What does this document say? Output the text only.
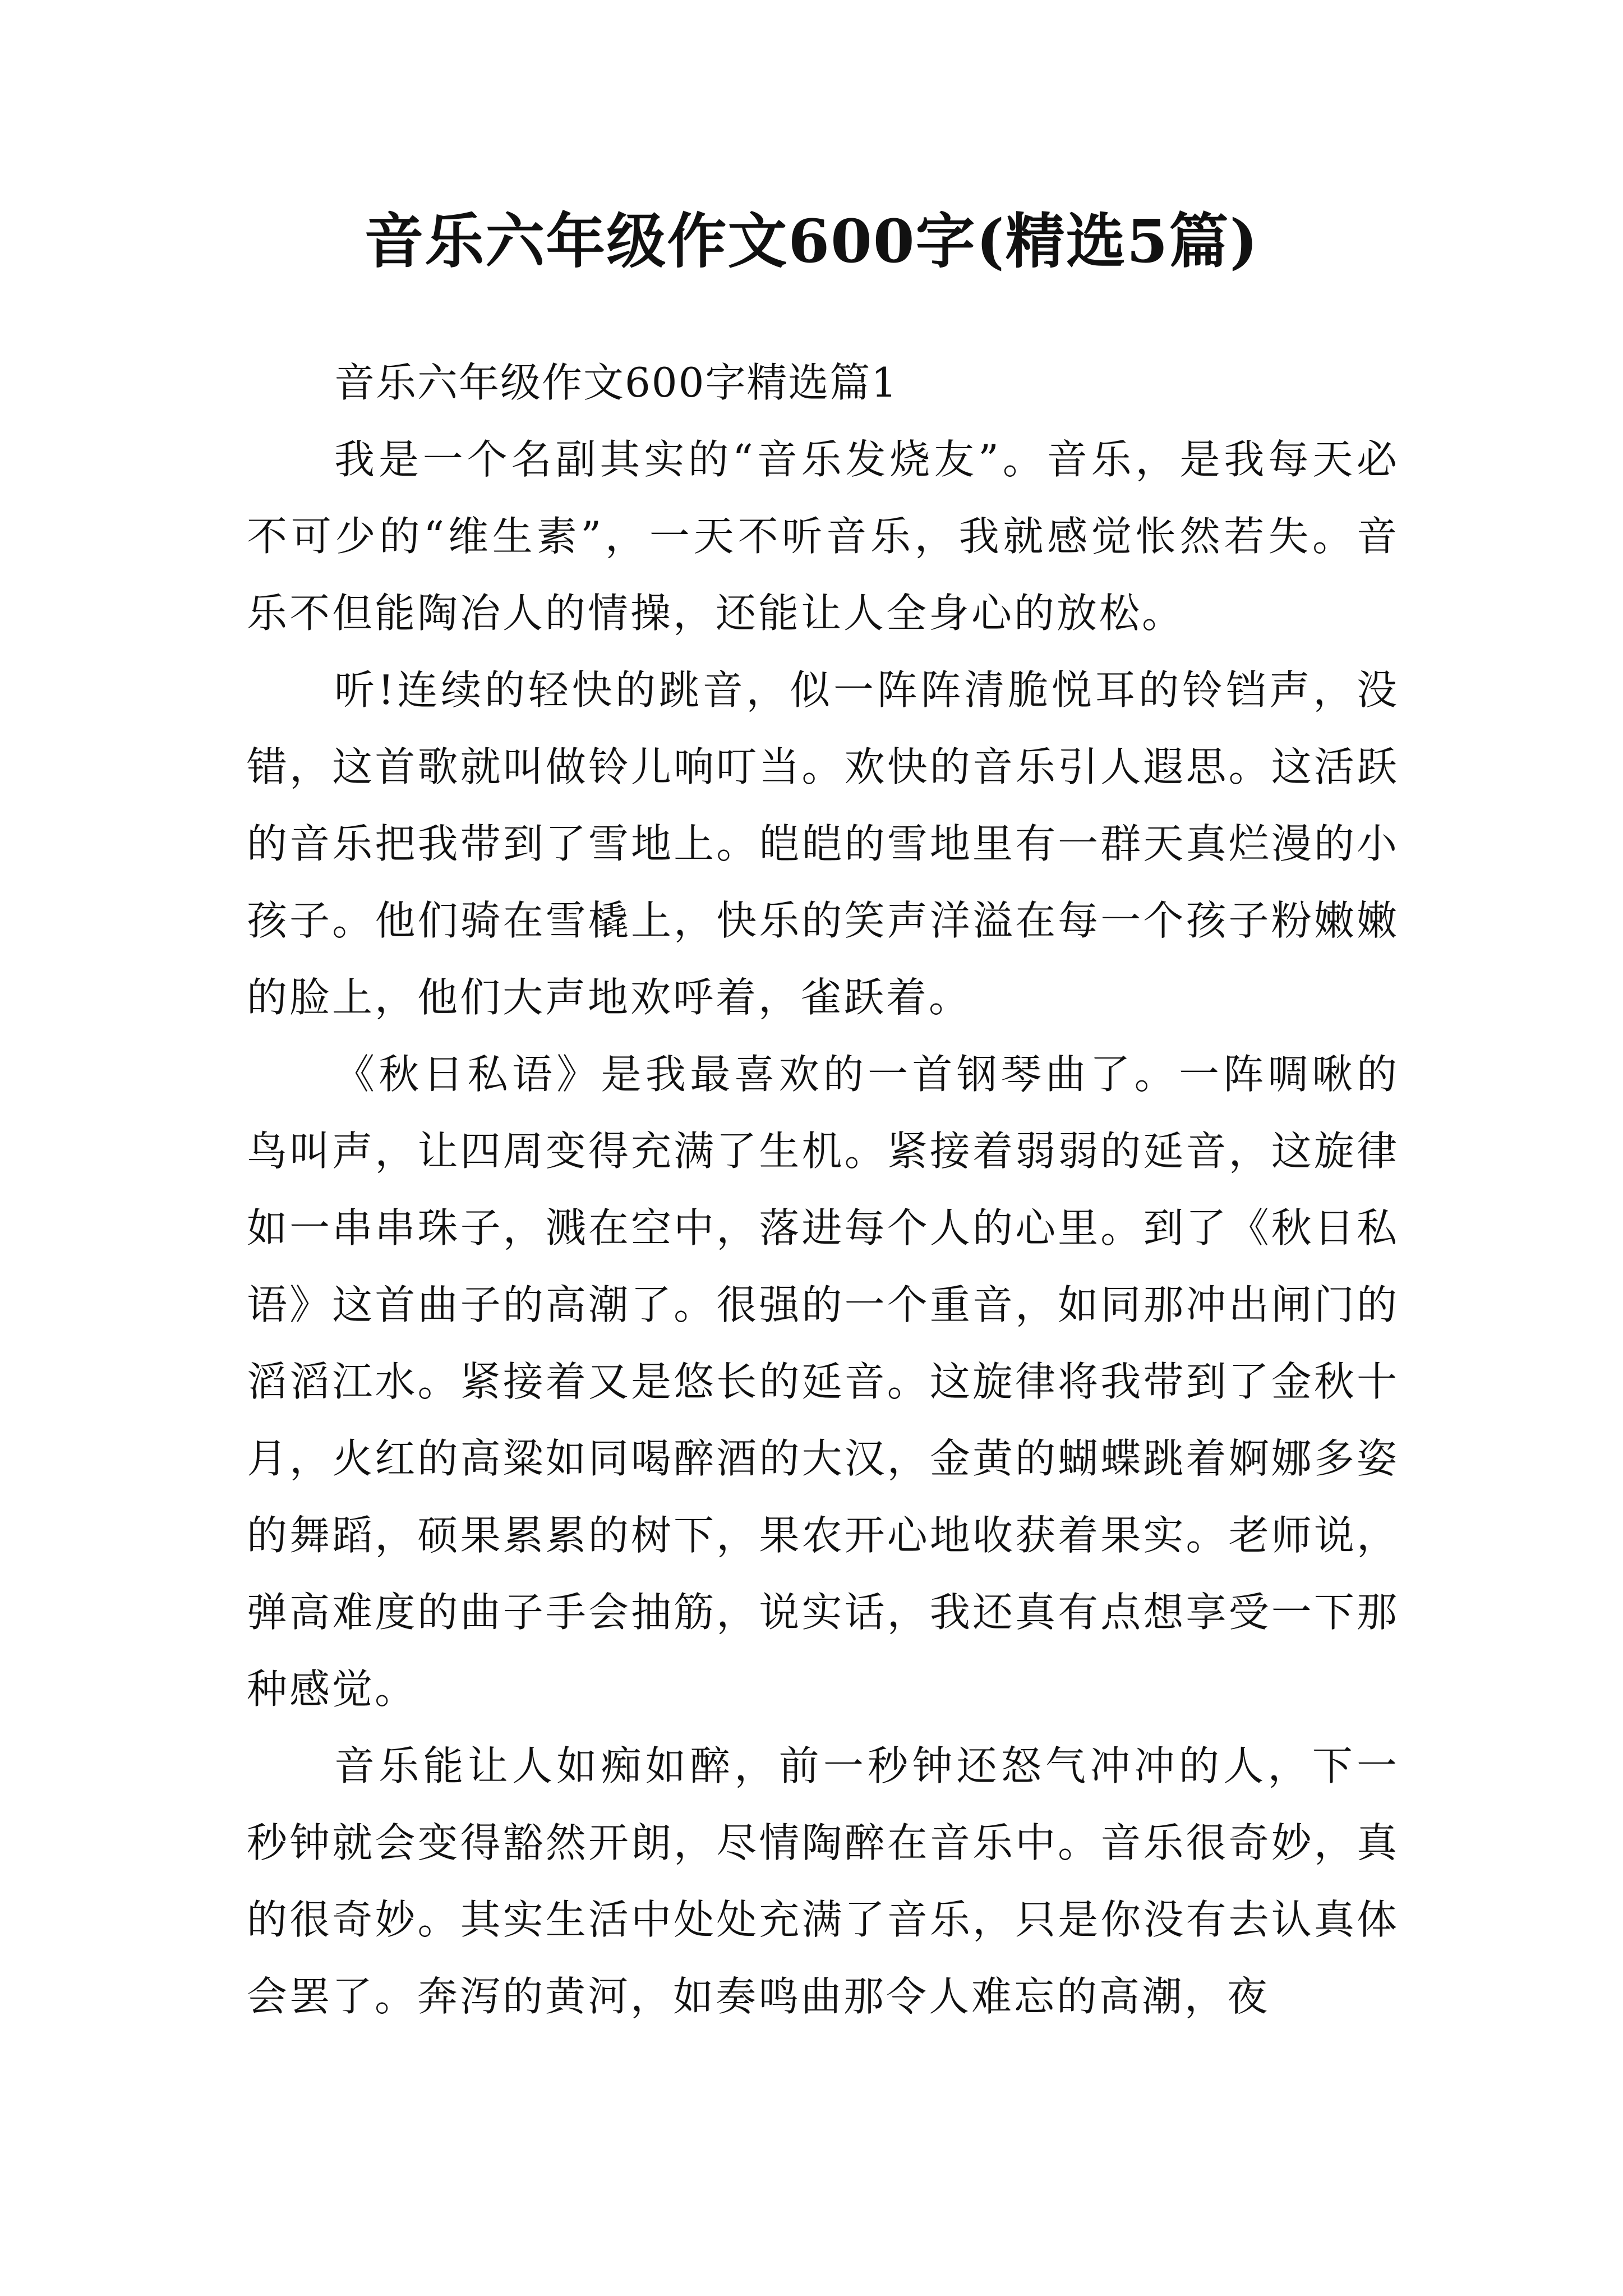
音乐六年级作文600字(精选5篇)

音乐六年级作文600字精选篇1

我是一个名副其实的“音乐发烧友”。音乐，是我每天必不可少的“维生素”，一天不听音乐，我就感觉怅然若失。音乐不但能陶冶人的情操，还能让人全身心的放松。

听!连续的轻快的跳音，似一阵阵清脆悦耳的铃铛声，没错，这首歌就叫做铃儿响叮当。欢快的音乐引人遐思。这活跃的音乐把我带到了雪地上。皑皑的雪地里有一群天真烂漫的小孩子。他们骑在雪橇上，快乐的笑声洋溢在每一个孩子粉嫩嫩的脸上，他们大声地欢呼着，雀跃着。

《秋日私语》是我最喜欢的一首钢琴曲了。一阵啁啾的鸟叫声，让四周变得充满了生机。紧接着弱弱的延音，这旋律如一串串珠子，溅在空中，落进每个人的心里。到了《秋日私语》这首曲子的高潮了。很强的一个重音，如同那冲出闸门的滔滔江水。紧接着又是悠长的延音。这旋律将我带到了金秋十月，火红的高粱如同喝醉酒的大汉，金黄的蝴蝶跳着婀娜多姿的舞蹈，硕果累累的树下，果农开心地收获着果实。老师说，弹高难度的曲子手会抽筋，说实话，我还真有点想享受一下那种感觉。

音乐能让人如痴如醉，前一秒钟还怒气冲冲的人，下一秒钟就会变得豁然开朗，尽情陶醉在音乐中。音乐很奇妙，真的很奇妙。其实生活中处处充满了音乐，只是你没有去认真体会罢了。奔泻的黄河，如奏鸣曲那令人难忘的高潮，夜
